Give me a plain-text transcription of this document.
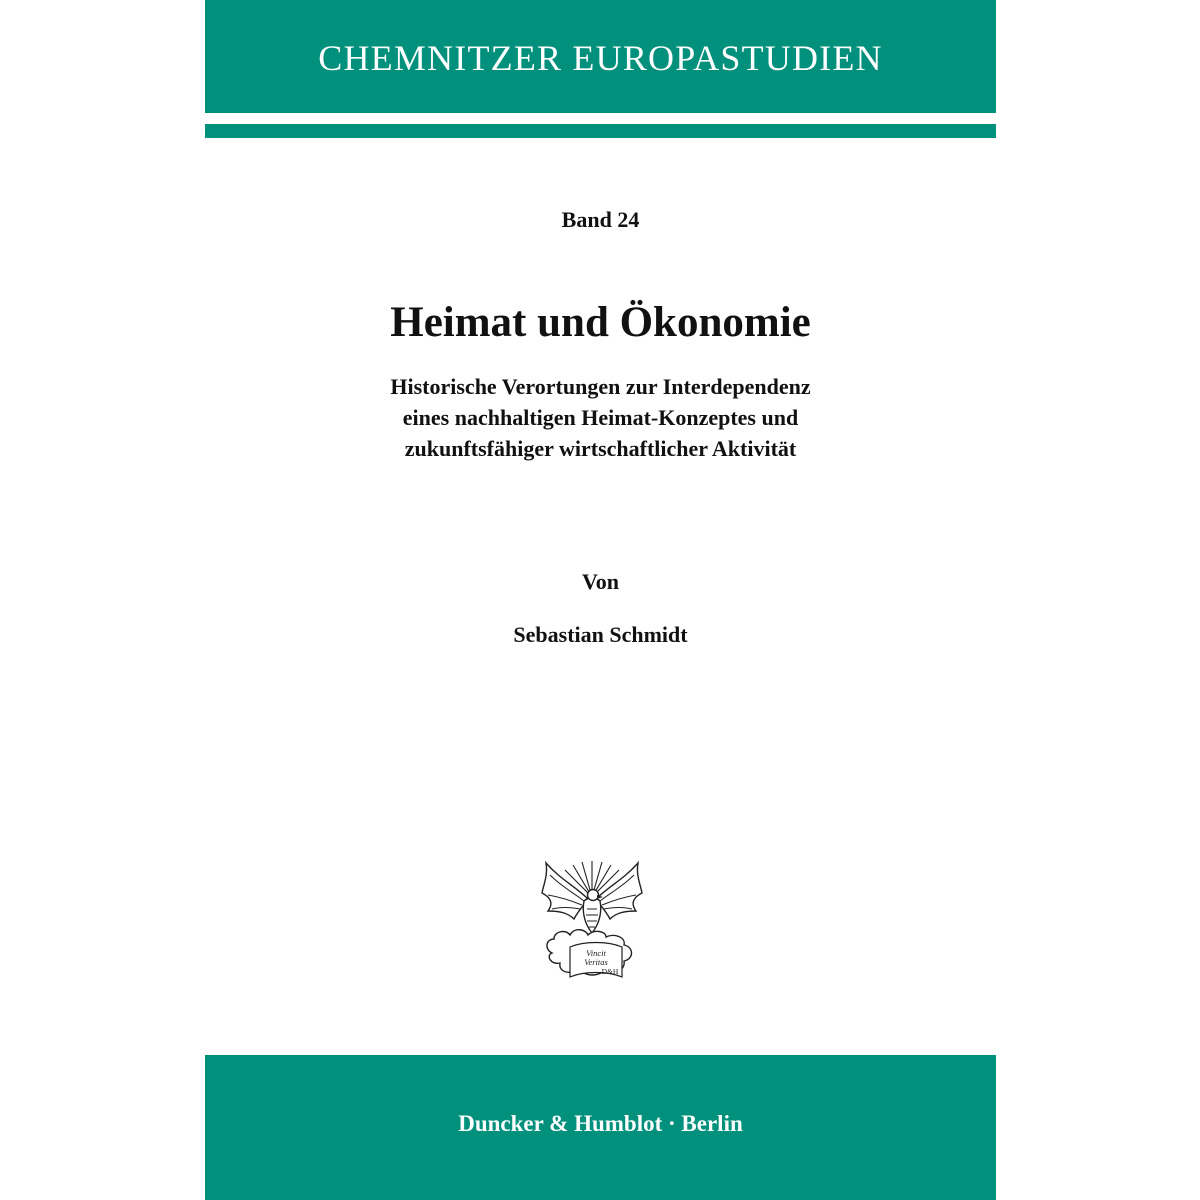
CHEMNITZER EUROPASTUDIEN
Band 24
Heimat und Ökonomie
Historische Verortungen zur Interdependenz
eines nachhaltigen Heimat-Konzeptes und
zukunftsfähiger wirtschaftlicher Aktivität
Von
Sebastian Schmidt
Vincit
Veritas
D&H
Duncker & Humblot · Berlin
